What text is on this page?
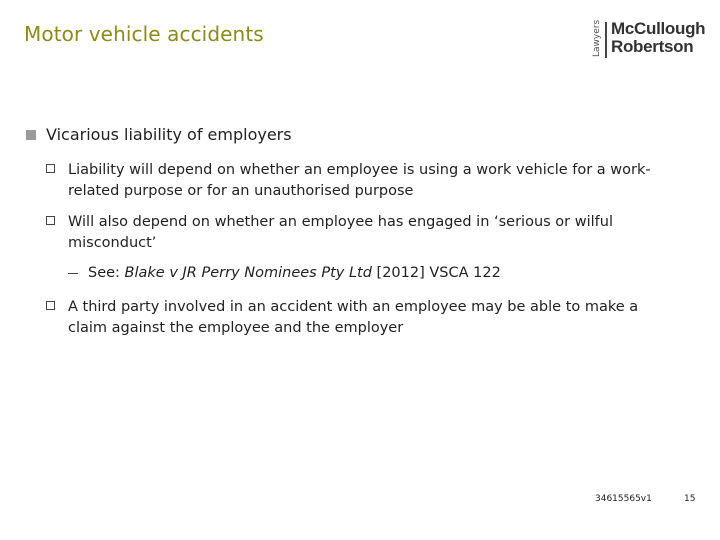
Motor vehicle accidents	Lawyers McCullough
Robertson
Vicarious liability of employers
Liability will depend on whether an employee is using a work vehicle for a work-related purpose or for an unauthorised purpose
Will also depend on whether an employee has engaged in ‘serious or wilful misconduct’
See: Blake v JR Perry Nominees Pty Ltd [2012] VSCA 122
A third party involved in an accident with an employee may be able to make a claim against the employee and the employer
34615565v1	15
